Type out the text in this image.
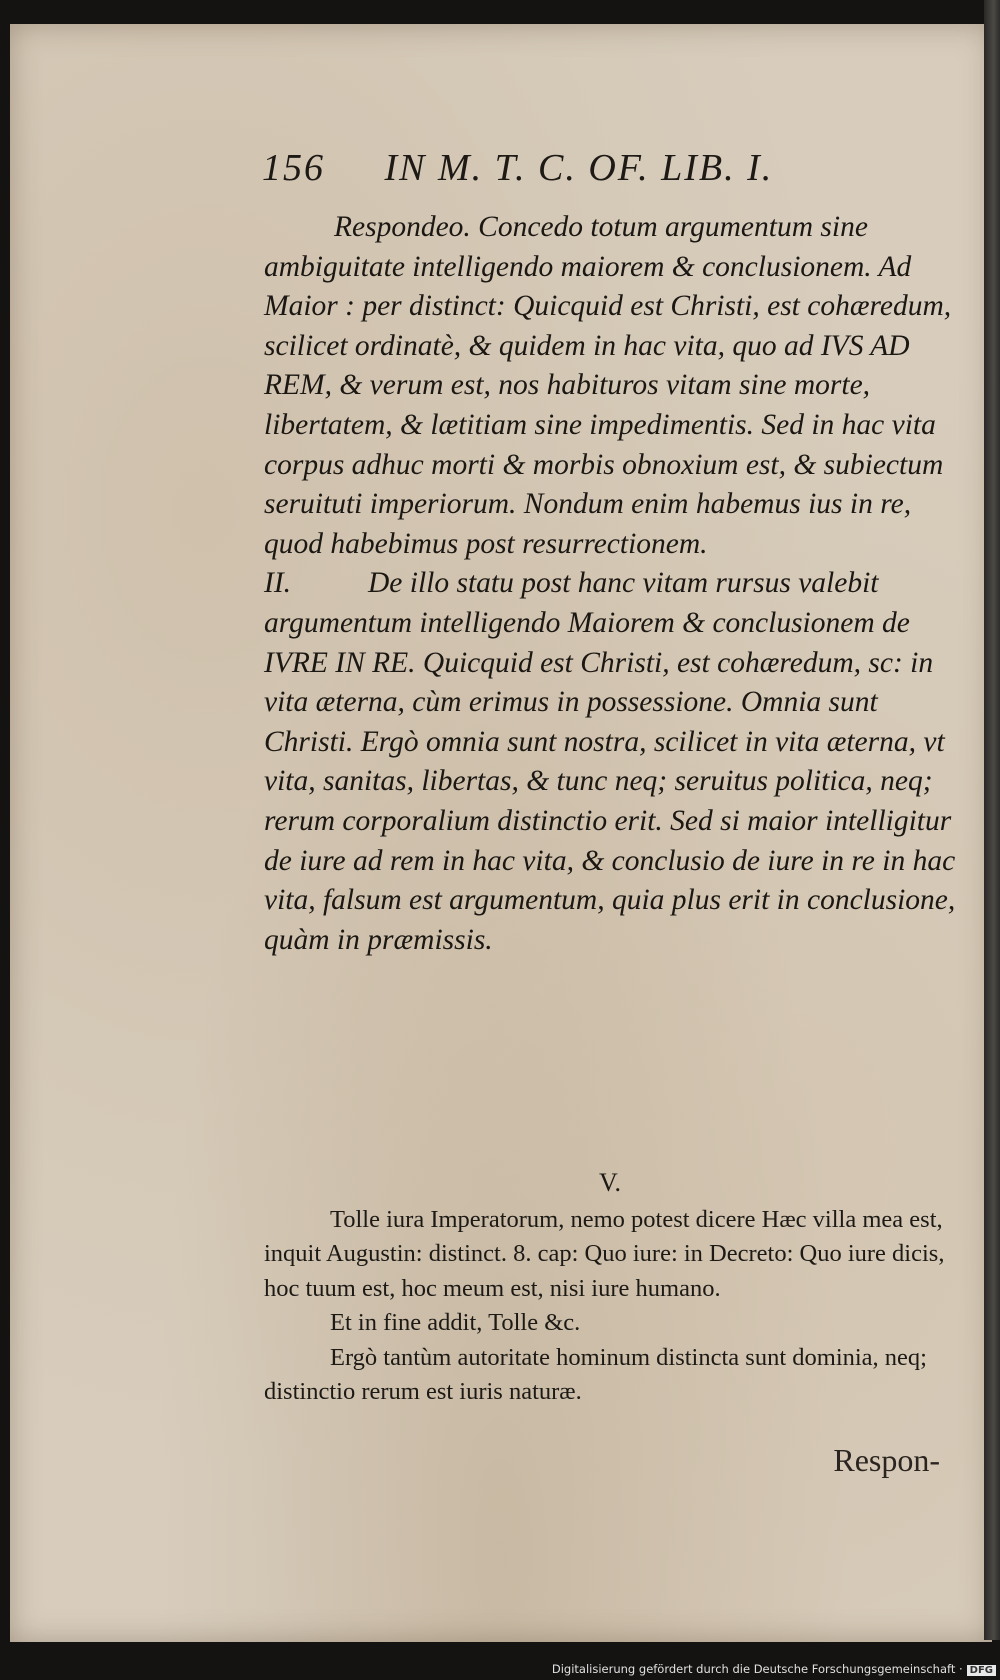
156 IN M. T. C. OF. LIB. I.

Respondeo. Concedo totum argumentum sine ambiguitate intelligendo maiorem & conclusionem. Ad Maior : per distinct: Quicquid est Christi, est cohæredum, scilicet ordinatè, & quidem in hac vita, quo ad IVS AD REM, & verum est, nos habituros vitam sine morte, libertatem, & lætitiam sine impedimentis. Sed in hac vita corpus adhuc morti & morbis obnoxium est, & subiectum seruituti imperiorum. Nondum enim habemus ius in re, quod habebimus post resurrectionem.

II.	De illo statu post hanc vitam rursus valebit argumentum intelligendo Maiorem & conclusionem de IVRE IN RE. Quicquid est Christi, est cohæredum, sc: in vita æterna, cùm erimus in possessione. Omnia sunt Christi. Ergò omnia sunt nostra, scilicet in vita æterna, vt vita, sanitas, libertas, & tunc neq; seruitus politica, neq; rerum corporalium distinctio erit. Sed si maior intelligitur de iure ad rem in hac vita, & conclusio de iure in re in hac vita, falsum est argumentum, quia plus erit in conclusione, quàm in præmissis.

V.

Tolle iura Imperatorum, nemo potest dicere Hæc villa mea est, inquit Augustin: distinct. 8. cap: Quo iure: in Decreto: Quo iure dicis, hoc tuum est, hoc meum est, nisi iure humano.

Et in fine addit, Tolle &c.

Ergò tantùm autoritate hominum distincta sunt dominia, neq; distinctio rerum est iuris naturæ.

Respon-
Digitalisierung gefördert durch die Deutsche Forschungsgemeinschaft · DFG
